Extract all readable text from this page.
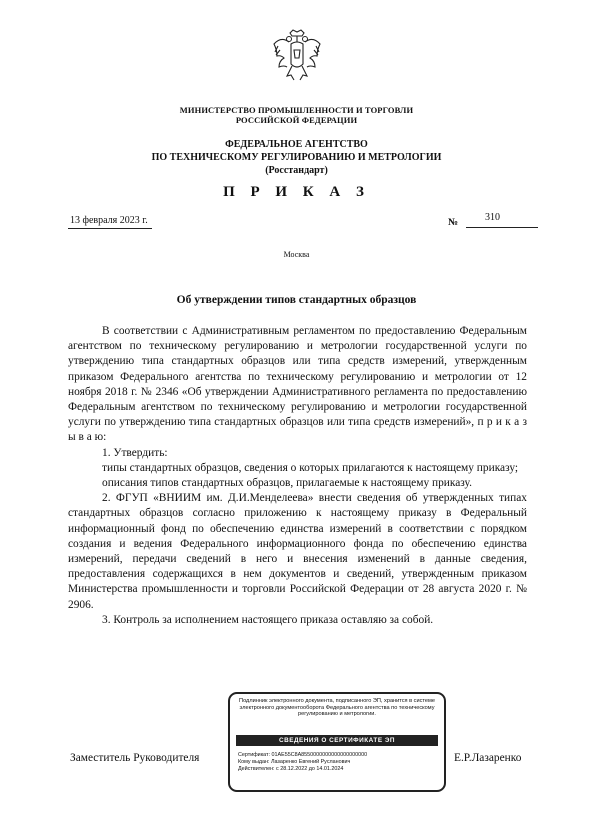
МИНИСТЕРСТВО ПРОМЫШЛЕННОСТИ И ТОРГОВЛИ
РОССИЙСКОЙ ФЕДЕРАЦИИ
ФЕДЕРАЛЬНОЕ АГЕНТСТВО
ПО ТЕХНИЧЕСКОМУ РЕГУЛИРОВАНИЮ И МЕТРОЛОГИИ
(Росстандарт)
П Р И К А З
13 февраля 2023 г.	№	310
Москва
Об утверждении типов стандартных образцов

В соответствии с Административным регламентом по предоставлению Федеральным агентством по техническому регулированию и метрологии государственной услуги по утверждению типа стандартных образцов или типа средств измерений, утвержденным приказом Федерального агентства по техническому регулированию и метрологии от 12 ноября 2018 г. № 2346 «Об утверждении Административного регламента по предоставлению Федеральным агентством по техническому регулированию и метрологии государственной услуги по утверждению типа стандартных образцов или типа средств измерений», п р и к а з ы в а ю:

1. Утвердить:

типы стандартных образцов, сведения о которых прилагаются к настоящему приказу;

описания типов стандартных образцов, прилагаемые к настоящему приказу.

2. ФГУП «ВНИИМ им. Д.И.Менделеева» внести сведения об утвержденных типах стандартных образцов согласно приложению к настоящему приказу в Федеральный информационный фонд по обеспечению единства измерений в соответствии с порядком создания и ведения Федерального информационного фонда по обеспечению единства измерений, передачи сведений в него и внесения изменений в данные сведения, предоставления содержащихся в нем документов и сведений, утвержденным приказом Министерства промышленности и торговли Российской Федерации от 28 августа 2020 г. № 2906.

3. Контроль за исполнением настоящего приказа оставляю за собой.

Заместитель Руководителя	Е.Р.Лазаренко
Подлинник электронного документа, подписанного ЭП, хранится в системе электронного документооборота Федерального агентства по техническому регулированию и метрологии.
СВЕДЕНИЯ О СЕРТИФИКАТЕ ЭП
Сертификат: 01AE55C8A8550000000000000000000
Кому выдан: Лазаренко Евгений Русланович
Действителен: с 28.12.2022 до 14.01.2024
